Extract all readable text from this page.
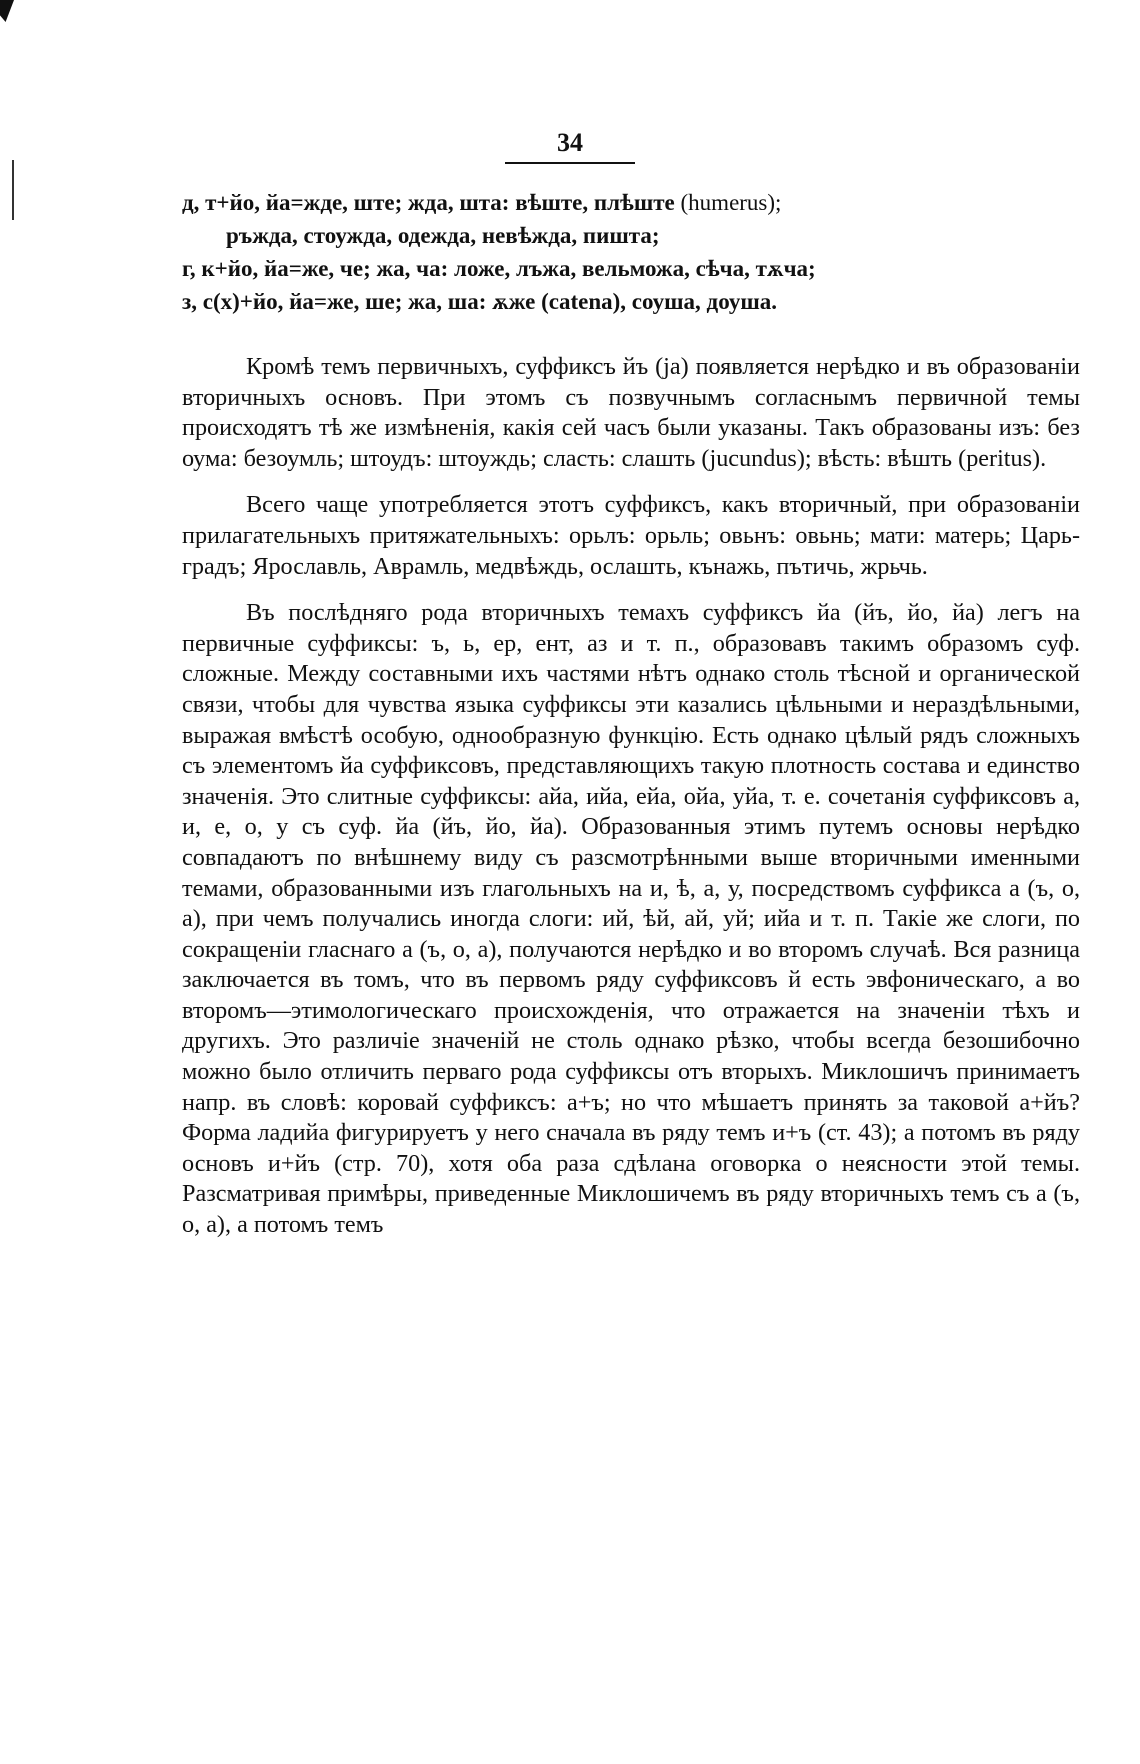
34
д, т+йо, йа=жде, ште; жда, шта: вѣште, плѣште (humerus);
ръжда, стоужда, одежда, невѣжда, пишта;
г, к+йо, йа=же, че; жа, ча: ложе, лъжа, вельможа, сѣча, тѫча;
з, с(х)+йо, йа=же, ше; жа, ша: ѫже (catena), соуша, доуша.

Кромѣ темъ первичныхъ, суффиксъ йъ (ja) появляется нерѣдко и въ образованіи вторичныхъ основъ. При этомъ съ позвучнымъ согласнымъ первичной темы происходятъ тѣ же измѣненія, какія сей часъ были указаны. Такъ образованы изъ: без оума: безоумль; штоудъ: штоуждь; сласть: слашть (jucundus); вѣсть: вѣшть (peritus).

Всего чаще употребляется этотъ суффиксъ, какъ вторичный, при образованіи прилагательныхъ притяжательныхъ: орьлъ: орьль; овьнъ: овьнь; мати: матерь; Царь-градъ; Ярославль, Аврамль, медвѣждь, ослашть, кънажь, пътичь, жрьчь.

Въ послѣдняго рода вторичныхъ темахъ суффиксъ йа (йъ, йо, йа) легъ на первичные суффиксы: ъ, ь, ер, ент, аз и т. п., образовавъ такимъ образомъ суф. сложные. Между составными ихъ частями нѣтъ однако столь тѣсной и органической связи, чтобы для чувства языка суффиксы эти казались цѣльными и нераздѣльными, выражая вмѣстѣ особую, однообразную функцію. Есть однако цѣлый рядъ сложныхъ съ элементомъ йа суффиксовъ, представляющихъ такую плотность состава и единство значенія. Это слитные суффиксы: айа, ийа, ейа, ойа, уйа, т. е. сочетанія суффиксовъ а, и, е, о, у съ суф. йа (йъ, йо, йа). Образованныя этимъ путемъ основы нерѣдко совпадаютъ по внѣшнему виду съ разсмотрѣнными выше вторичными именными темами, образованными изъ глагольныхъ на и, ѣ, а, у, посредствомъ суффикса а (ъ, о, а), при чемъ получались иногда слоги: ий, ѣй, ай, уй; ийа и т. п. Такіе же слоги, по сокращеніи гласнаго а (ъ, о, а), получаются нерѣдко и во второмъ случаѣ. Вся разница заключается въ томъ, что въ первомъ ряду суффиксовъ й есть эвфоническаго, а во второмъ—этимологическаго происхожденія, что отражается на значеніи тѣхъ и другихъ. Это различіе значеній не столь однако рѣзко, чтобы всегда безошибочно можно было отличить перваго рода суффиксы отъ вторыхъ. Миклошичъ принимаетъ напр. въ словѣ: коровай суффиксъ: а+ъ; но что мѣшаетъ принять за таковой а+йъ? Форма ладийа фигурируетъ у него сначала въ ряду темъ и+ъ (ст. 43); а потомъ въ ряду основъ и+йъ (стр. 70), хотя оба раза сдѣлана оговорка о неясности этой темы. Разсматривая примѣры, приведенные Миклошичемъ въ ряду вторичныхъ темъ съ а (ъ, о, а), а потомъ темъ
